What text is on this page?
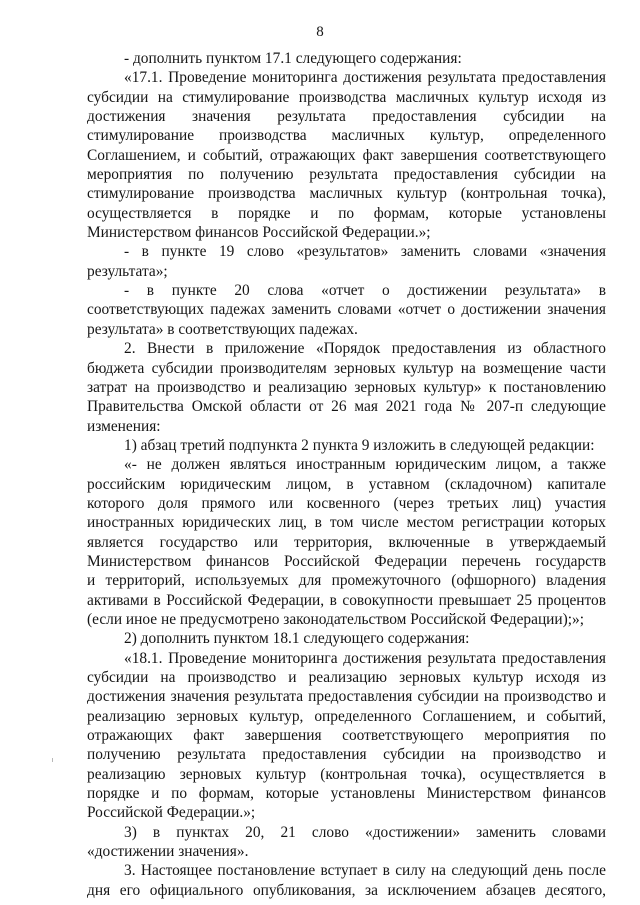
8
- дополнить пунктом 17.1 следующего содержания:
«17.1. Проведение мониторинга достижения результата предоставления
субсидии на стимулирование производства масличных культур исходя из
достижения значения результата предоставления субсидии на
стимулирование производства масличных культур, определенного
Соглашением, и событий, отражающих факт завершения соответствующего
мероприятия по получению результата предоставления субсидии на
стимулирование производства масличных культур (контрольная точка),
осуществляется в порядке и по формам, которые установлены
Министерством финансов Российской Федерации.»;
- в пункте 19 слово «результатов» заменить словами «значения
результата»;
- в пункте 20 слова «отчет о достижении результата» в
соответствующих падежах заменить словами «отчет о достижении значения
результата» в соответствующих падежах.
2. Внести в приложение «Порядок предоставления из областного
бюджета субсидии производителям зерновых культур на возмещение части
затрат на производство и реализацию зерновых культур» к постановлению
Правительства Омской области от 26 мая 2021 года № 207-п следующие
изменения:
1) абзац третий подпункта 2 пункта 9 изложить в следующей редакции:
«- не должен являться иностранным юридическим лицом, а также
российским юридическим лицом, в уставном (складочном) капитале
которого доля прямого или косвенного (через третьих лиц) участия
иностранных юридических лиц, в том числе местом регистрации которых
является государство или территория, включенные в утверждаемый
Министерством финансов Российской Федерации перечень государств
и территорий, используемых для промежуточного (офшорного) владения
активами в Российской Федерации, в совокупности превышает 25 процентов
(если иное не предусмотрено законодательством Российской Федерации);»;
2) дополнить пунктом 18.1 следующего содержания:
«18.1. Проведение мониторинга достижения результата предоставления
субсидии на производство и реализацию зерновых культур исходя из
достижения значения результата предоставления субсидии на производство и
реализацию зерновых культур, определенного Соглашением, и событий,
отражающих факт завершения соответствующего мероприятия по
получению результата предоставления субсидии на производство и
реализацию зерновых культур (контрольная точка), осуществляется в
порядке и по формам, которые установлены Министерством финансов
Российской Федерации.»;
3) в пунктах 20, 21 слово «достижении» заменить словами
«достижении значения».
3. Настоящее постановление вступает в силу на следующий день после
дня его официального опубликования, за исключением абзацев десятого,
